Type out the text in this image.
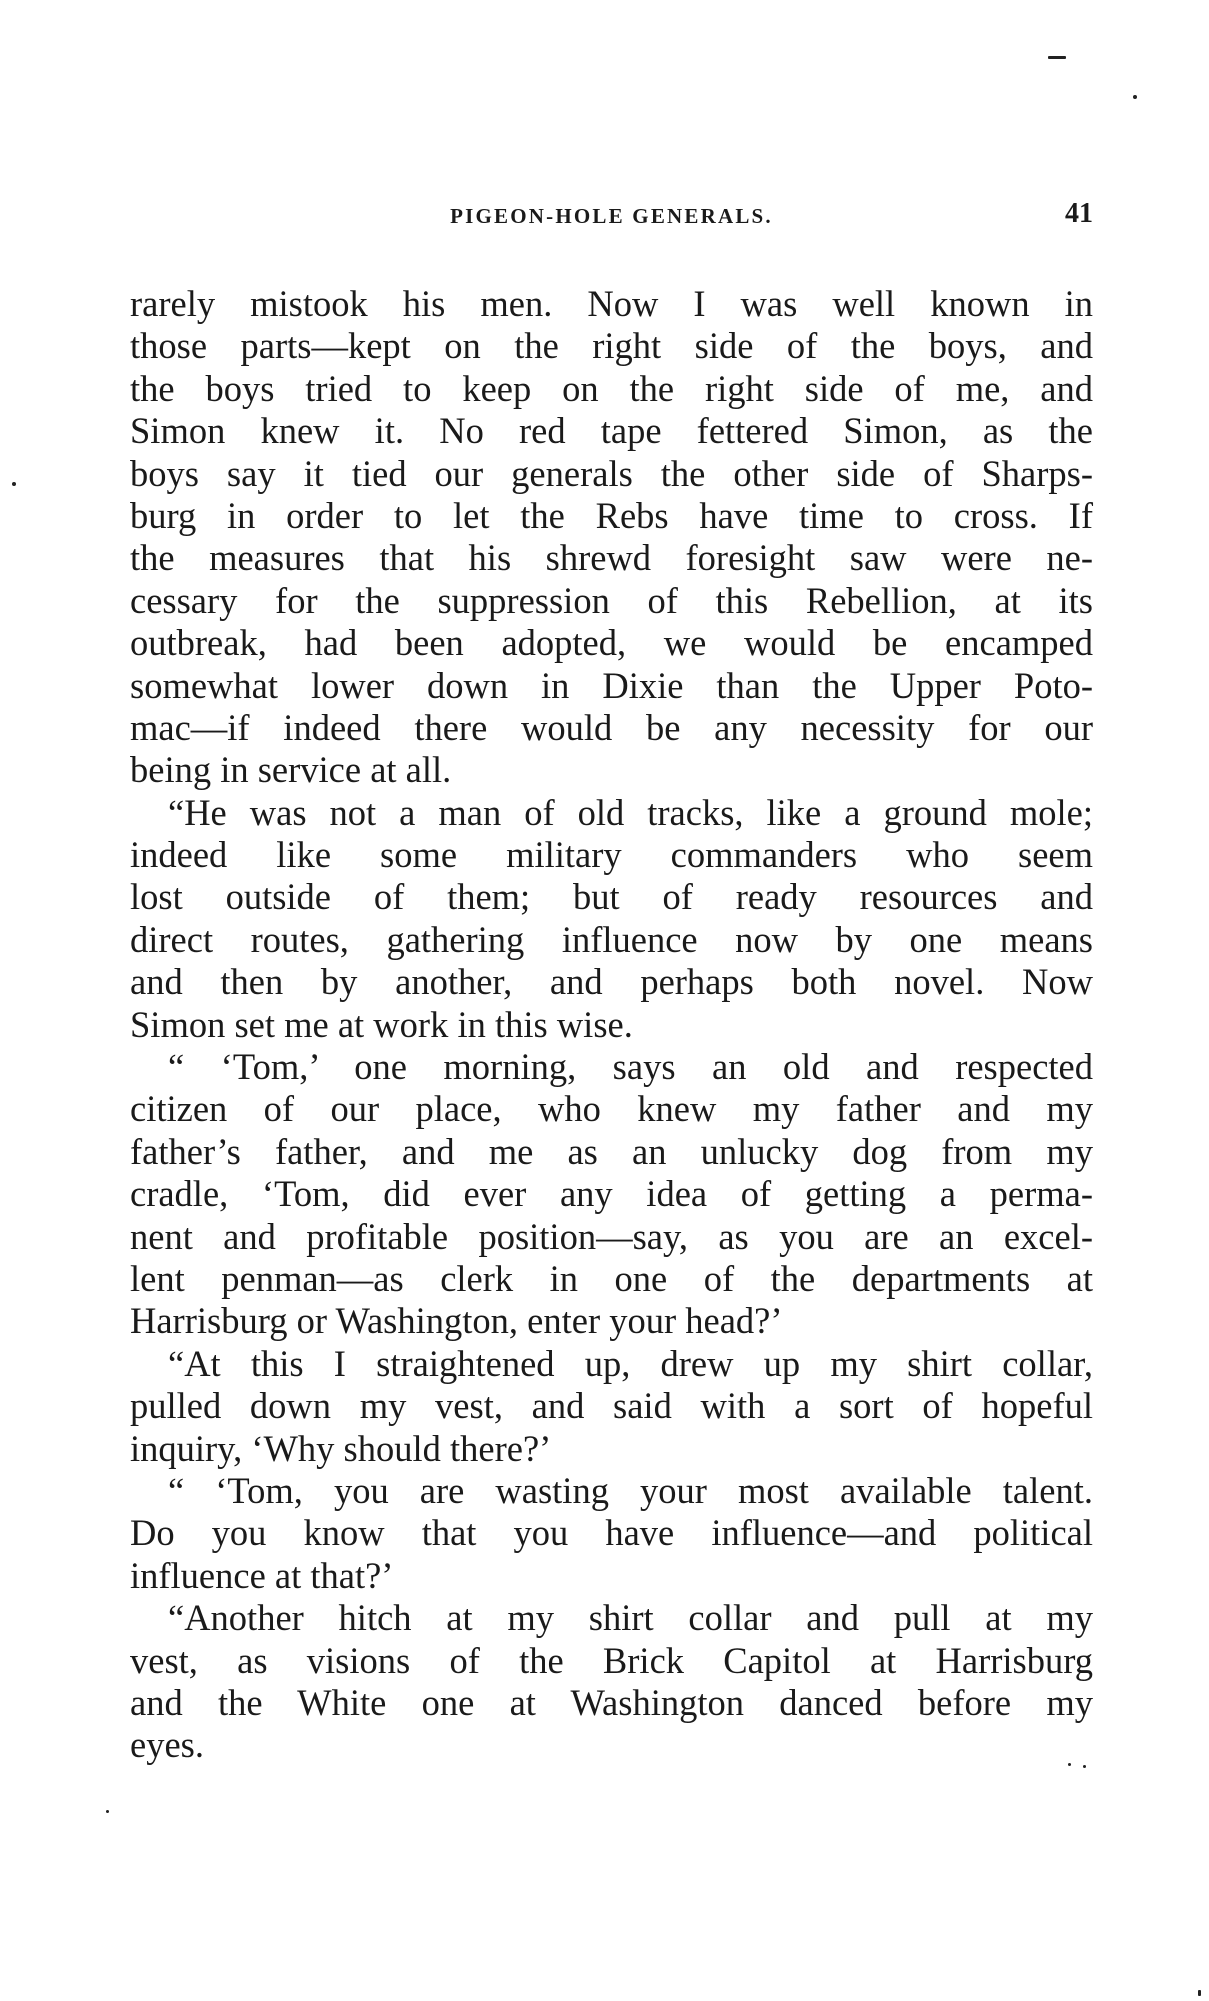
PIGEON-HOLE GENERALS.	41
rarely mistook his men. Now I was well known in
those parts—kept on the right side of the boys, and
the boys tried to keep on the right side of me, and
Simon knew it. No red tape fettered Simon, as the
boys say it tied our generals the other side of Sharps-
burg in order to let the Rebs have time to cross. If
the measures that his shrewd foresight saw were ne-
cessary for the suppression of this Rebellion, at its
outbreak, had been adopted, we would be encamped
somewhat lower down in Dixie than the Upper Poto-
mac—if indeed there would be any necessity for our
being in service at all.
“He was not a man of old tracks, like a ground mole;
indeed like some military commanders who seem
lost outside of them; but of ready resources and
direct routes, gathering influence now by one means
and then by another, and perhaps both novel. Now
Simon set me at work in this wise.
“ ‘Tom,’ one morning, says an old and respected
citizen of our place, who knew my father and my
father’s father, and me as an unlucky dog from my
cradle, ‘Tom, did ever any idea of getting a perma-
nent and profitable position—say, as you are an excel-
lent penman—as clerk in one of the departments at
Harrisburg or Washington, enter your head?’
“At this I straightened up, drew up my shirt collar,
pulled down my vest, and said with a sort of hopeful
inquiry, ‘Why should there?’
“ ‘Tom, you are wasting your most available talent.
Do you know that you have influence—and political
influence at that?’
“Another hitch at my shirt collar and pull at my
vest, as visions of the Brick Capitol at Harrisburg
and the White one at Washington danced before my
eyes.
